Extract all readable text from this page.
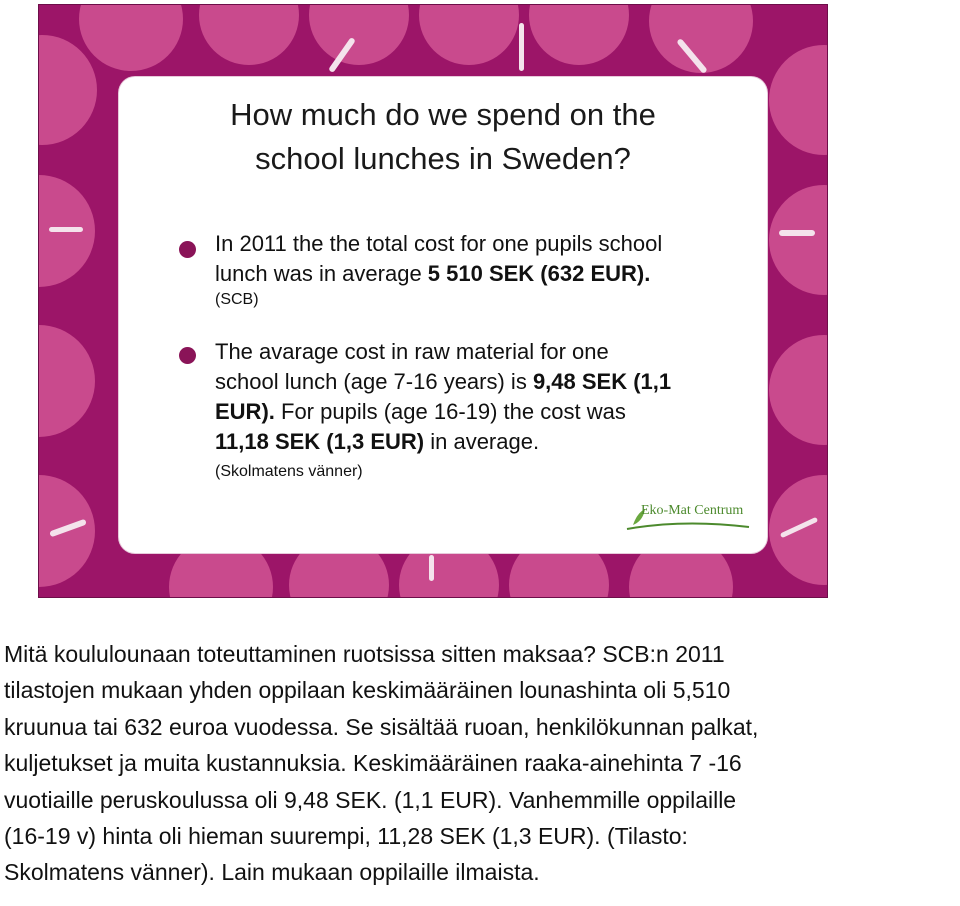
How much do we spend on the
school lunches in Sweden?
In 2011 the the total cost for one pupils school
lunch was in average 5 510 SEK (632 EUR).
(SCB)
The avarage cost in raw material for one
school lunch (age 7-16 years) is 9,48 SEK (1,1
EUR). For pupils (age 16-19) the cost was
11,18 SEK (1,3 EUR) in average.
(Skolmatens vänner)
Eko-Mat Centrum
Mitä koululounaan toteuttaminen ruotsissa sitten maksaa? SCB:n 2011
tilastojen mukaan yhden oppilaan keskimääräinen lounashinta oli 5,510
kruunua tai 632 euroa vuodessa. Se sisältää ruoan, henkilökunnan palkat,
kuljetukset ja muita kustannuksia. Keskimääräinen raaka-ainehinta 7 -16
vuotiaille peruskoulussa oli 9,48 SEK. (1,1 EUR). Vanhemmille oppilaille
(16-19 v) hinta oli hieman suurempi, 11,28 SEK (1,3 EUR). (Tilasto:
Skolmatens vänner). Lain mukaan oppilaille ilmaista.
